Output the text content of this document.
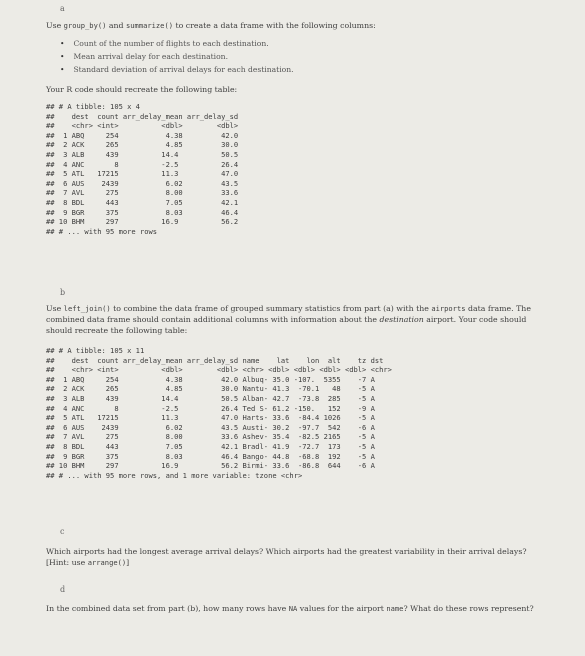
a
Use group_by() and summarize() to create a data frame with the following columns:
• Count of the number of flights to each destination.
• Mean arrival delay for each destination.
• Standard deviation of arrival delays for each destination.
Your R code should recreate the following table:
## # A tibble: 105 x 4
##    dest  count arr_delay_mean arr_delay_sd
##    <chr> <int>          <dbl>        <dbl>
##  1 ABQ     254           4.38         42.0
##  2 ACK     265           4.85         30.0
##  3 ALB     439          14.4          50.5
##  4 ANC       8          -2.5          26.4
##  5 ATL   17215          11.3          47.0
##  6 AUS    2439           6.02         43.5
##  7 AVL     275           8.00         33.6
##  8 BDL     443           7.05         42.1
##  9 BGR     375           8.03         46.4
## 10 BHM     297          16.9          56.2
## # ... with 95 more rows
b
Use left_join() to combine the data frame of grouped summary statistics from part (a) with the airports data frame. The combined data frame should contain additional columns with information about the destination airport. Your code should should recreate the following table:
## # A tibble: 105 x 11
##    dest  count arr_delay_mean arr_delay_sd name    lat    lon  alt    tz dst
##    <chr> <int>          <dbl>        <dbl> <chr> <dbl> <dbl> <dbl> <dbl> <chr>
##  1 ABQ     254           4.38         42.0 Albuq- 35.0 -107.  5355    -7 A
##  2 ACK     265           4.85         30.0 Nantu- 41.3  -70.1   48    -5 A
##  3 ALB     439          14.4          50.5 Alban- 42.7  -73.8  285    -5 A
##  4 ANC       8          -2.5          26.4 Ted S- 61.2 -150.   152    -9 A
##  5 ATL   17215          11.3          47.0 Harts- 33.6  -84.4 1026    -5 A
##  6 AUS    2439           6.02         43.5 Austi- 30.2  -97.7  542    -6 A
##  7 AVL     275           8.00         33.6 Ashev- 35.4  -82.5 2165    -5 A
##  8 BDL     443           7.05         42.1 Bradl- 41.9  -72.7  173    -5 A
##  9 BGR     375           8.03         46.4 Bango- 44.8  -68.8  192    -5 A
## 10 BHM     297          16.9          56.2 Birmi- 33.6  -86.8  644    -6 A
## # ... with 95 more rows, and 1 more variable: tzone <chr>
c
Which airports had the longest average arrival delays? Which airports had the greatest variability in their arrival delays? [Hint: use arrange()]
d
In the combined data set from part (b), how many rows have NA values for the airport name? What do these rows represent?
